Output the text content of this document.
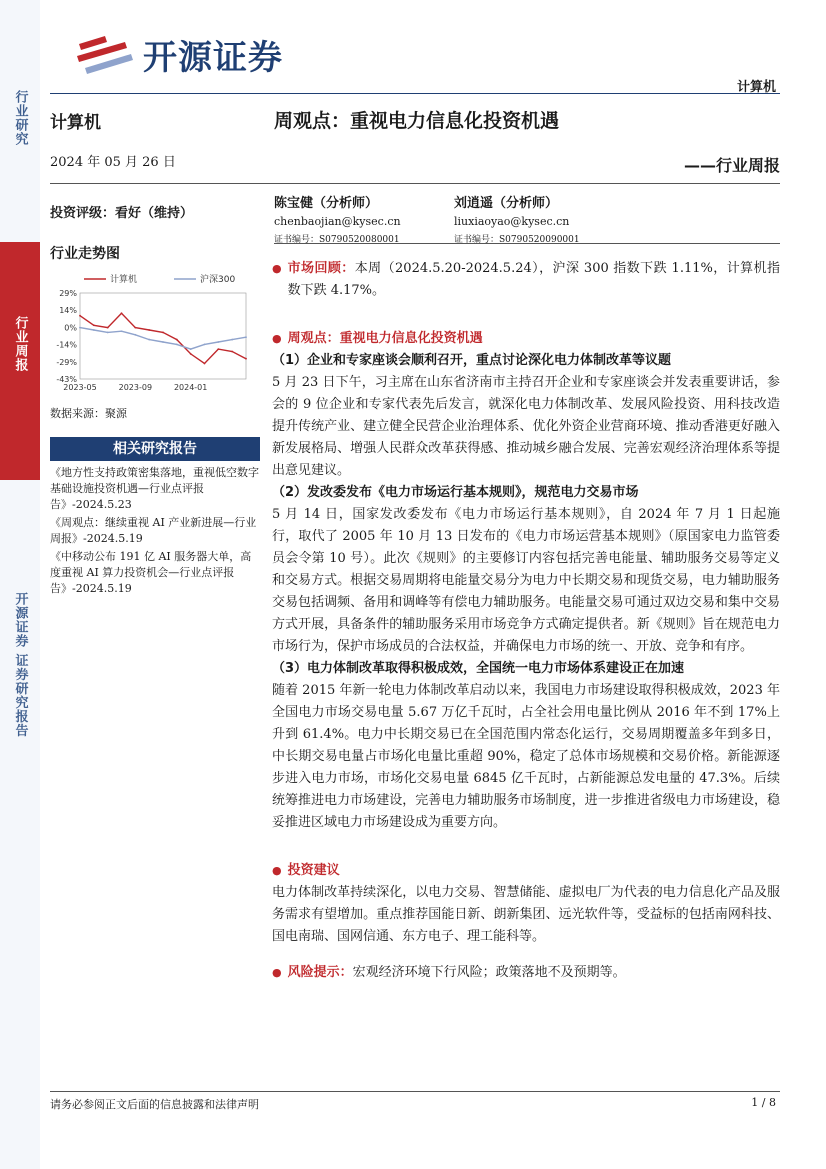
行业研究
行业周报
开源证券 证券研究报告
开源证券
计算机
计算机
2024 年 05 月 26 日
投资评级：看好（维持）
行业走势图
29%
14%
0%
-14%
-29%
-43%
2023-05	2023-09	2024-01
计算机	沪深300
数据来源：聚源
相关研究报告
《地方性支持政策密集落地，重视低空数字基础设施投资机遇—行业点评报告》-2024.5.23
《周观点：继续重视 AI 产业新进展—行业周报》-2024.5.19
《中移动公布 191 亿 AI 服务器大单，高度重视 AI 算力投资机会—行业点评报告》-2024.5.19
周观点：重视电力信息化投资机遇
——行业周报
陈宝健（分析师）
chenbaojian@kysec.cn
证书编号：S0790520080001
刘逍遥（分析师）
liuxiaoyao@kysec.cn
证书编号：S0790520090001
● 市场回顾：本周（2024.5.20-2024.5.24），沪深 300 指数下跌 1.11%，计算机指数下跌 4.17%。
● 周观点：重视电力信息化投资机遇
（1）企业和专家座谈会顺利召开，重点讨论深化电力体制改革等议题
5 月 23 日下午，习主席在山东省济南市主持召开企业和专家座谈会并发表重要讲话，参会的 9 位企业和专家代表先后发言，就深化电力体制改革、发展风险投资、用科技改造提升传统产业、建立健全民营企业治理体系、优化外资企业营商环境、推动香港更好融入新发展格局、增强人民群众改革获得感、推动城乡融合发展、完善宏观经济治理体系等提出意见建议。
（2）发改委发布《电力市场运行基本规则》，规范电力交易市场
5 月 14 日，国家发改委发布《电力市场运行基本规则》，自 2024 年 7 月 1 日起施行，取代了 2005 年 10 月 13 日发布的《电力市场运营基本规则》（原国家电力监管委员会令第 10 号）。此次《规则》的主要修订内容包括完善电能量、辅助服务交易等定义和交易方式。根据交易周期将电能量交易分为电力中长期交易和现货交易，电力辅助服务交易包括调频、备用和调峰等有偿电力辅助服务。电能量交易可通过双边交易和集中交易方式开展，具备条件的辅助服务采用市场竞争方式确定提供者。新《规则》旨在规范电力市场行为，保护市场成员的合法权益，并确保电力市场的统一、开放、竞争和有序。
（3）电力体制改革取得积极成效，全国统一电力市场体系建设正在加速
随着 2015 年新一轮电力体制改革启动以来，我国电力市场建设取得积极成效，2023 年全国电力市场交易电量 5.67 万亿千瓦时，占全社会用电量比例从 2016 年不到 17%上升到 61.4%。电力中长期交易已在全国范围内常态化运行，交易周期覆盖多年到多日，中长期交易电量占市场化电量比重超 90%，稳定了总体市场规模和交易价格。新能源逐步进入电力市场，市场化交易电量 6845 亿千瓦时，占新能源总发电量的 47.3%。后续统筹推进电力市场建设，完善电力辅助服务市场制度，进一步推进省级电力市场建设，稳妥推进区域电力市场建设成为重要方向。
● 投资建议
电力体制改革持续深化，以电力交易、智慧储能、虚拟电厂为代表的电力信息化产品及服务需求有望增加。重点推荐国能日新、朗新集团、远光软件等，受益标的包括南网科技、国电南瑞、国网信通、东方电子、理工能科等。
● 风险提示：宏观经济环境下行风险；政策落地不及预期等。
请务必参阅正文后面的信息披露和法律声明	1 / 8
